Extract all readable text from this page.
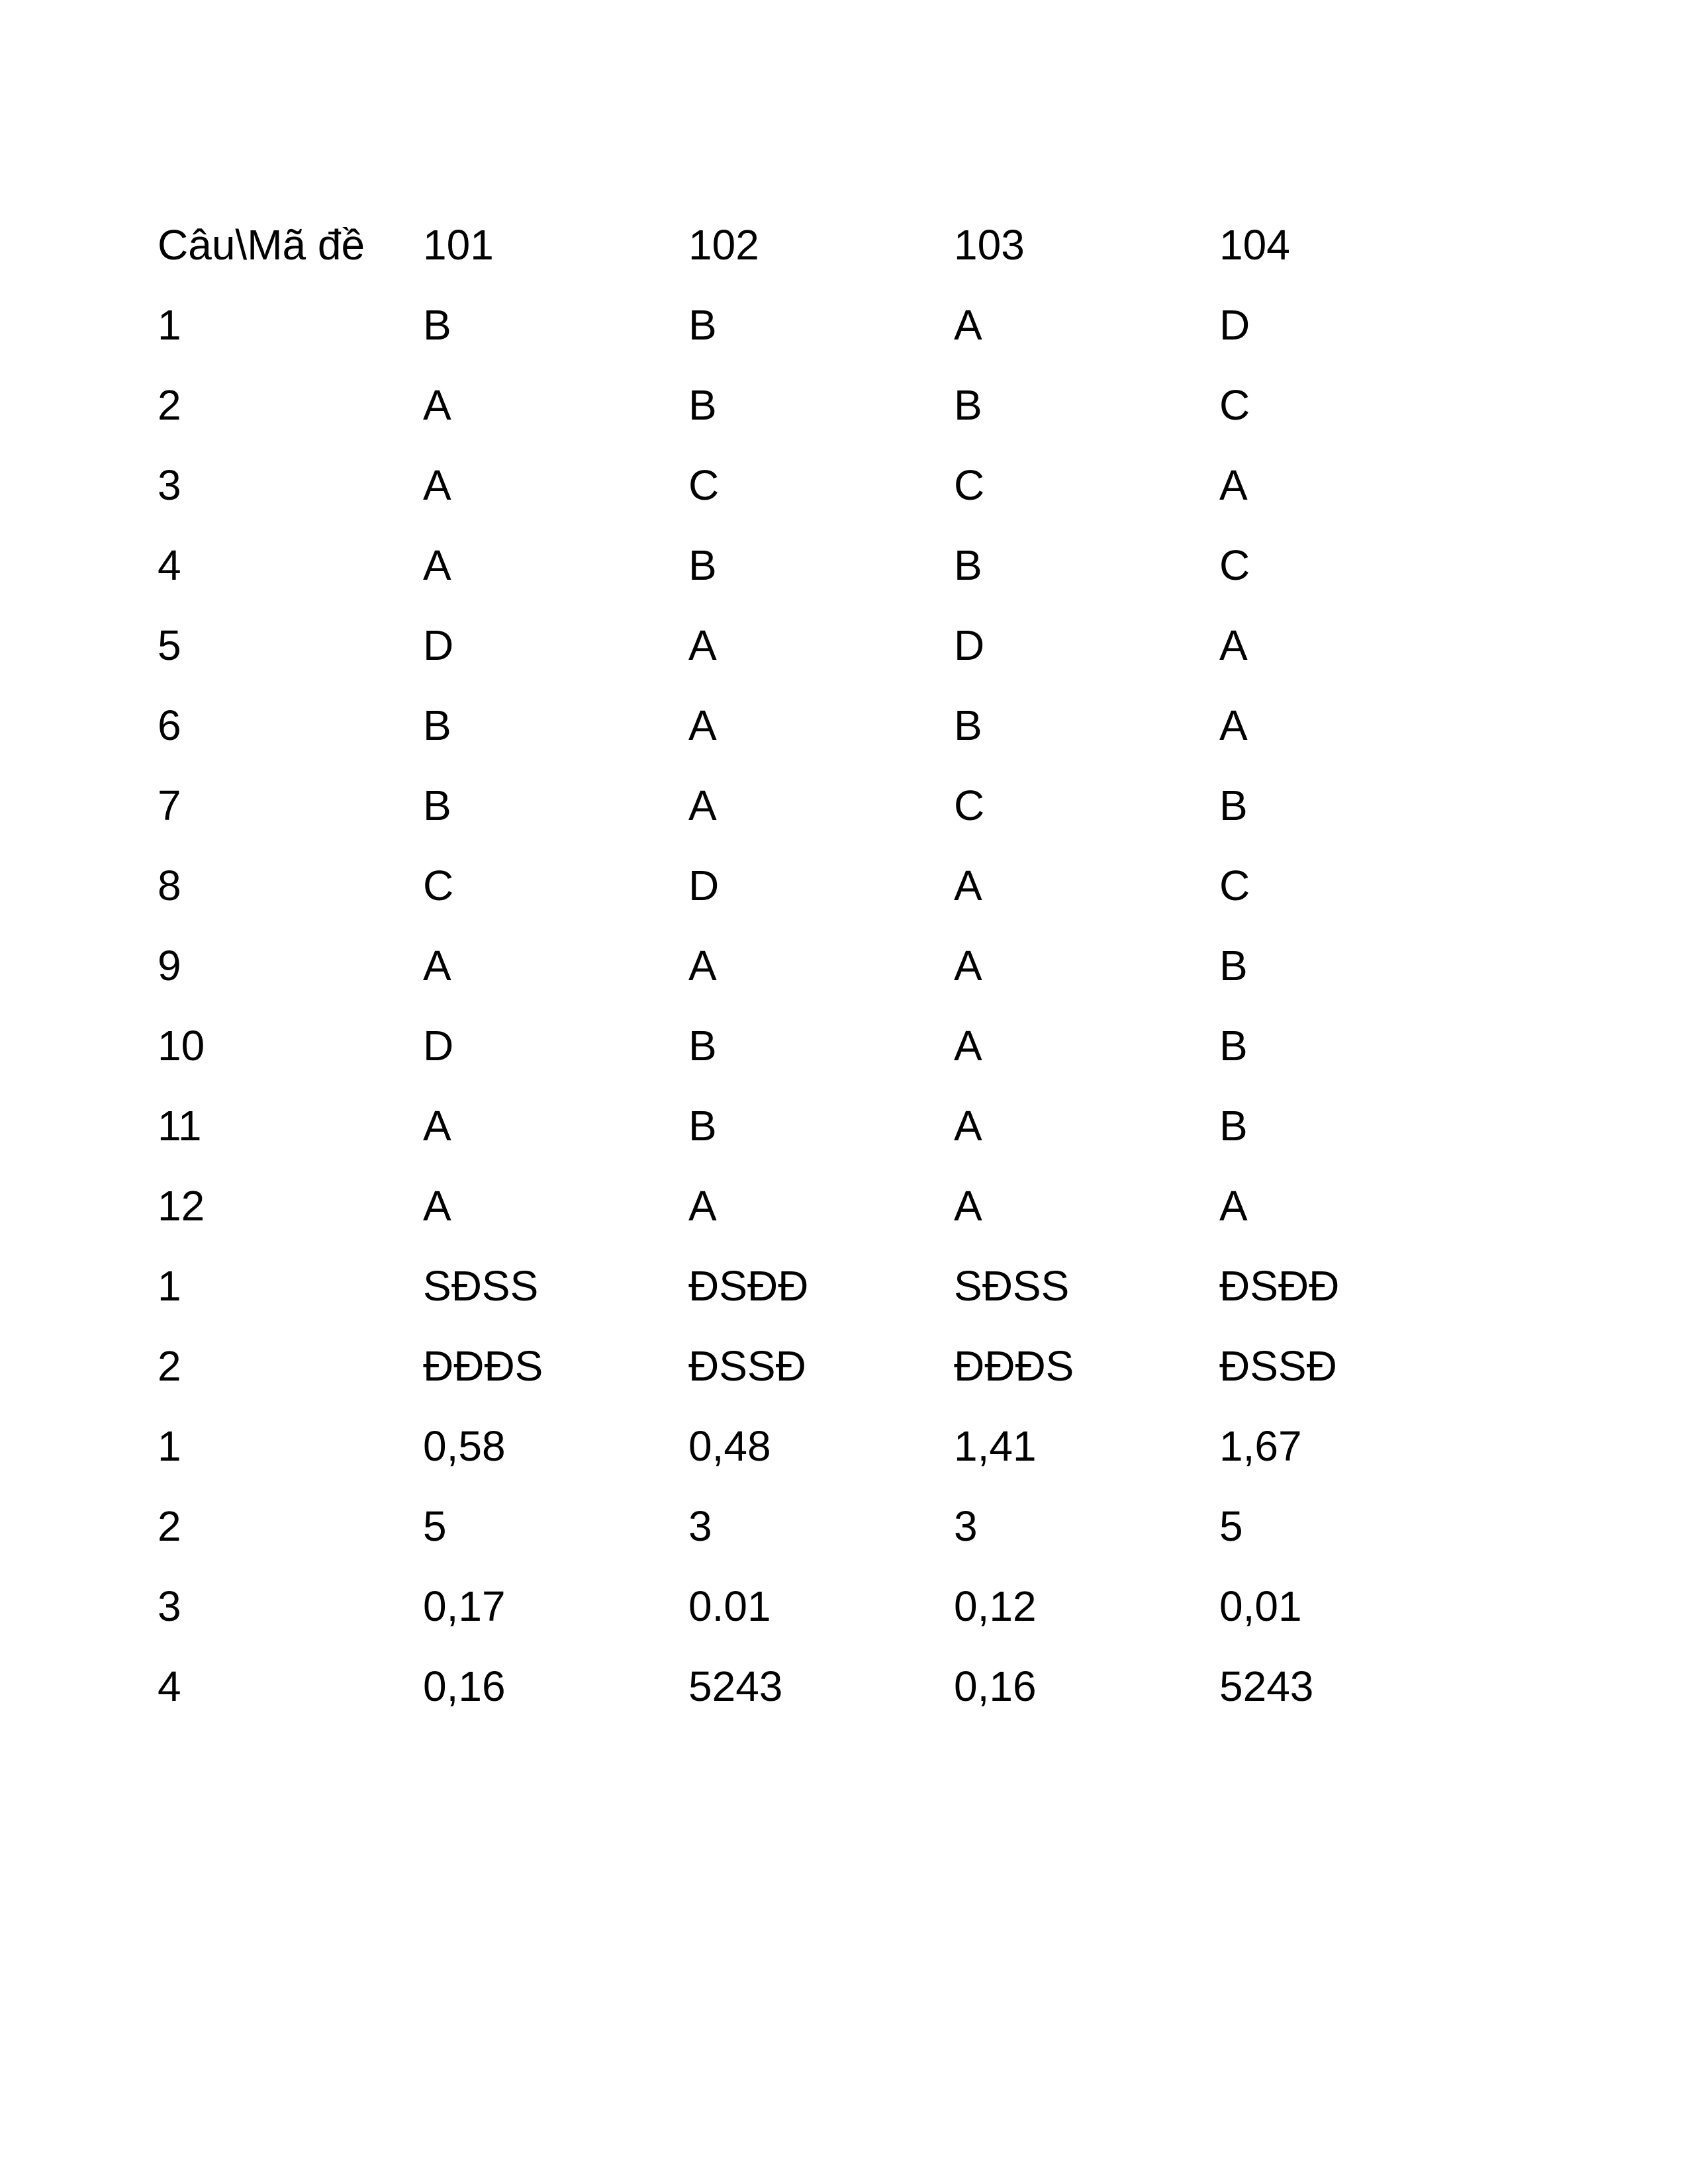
Câu\Mã đề	101	102	103	104
1	B	B	A	D
2	A	B	B	C
3	A	C	C	A
4	A	B	B	C
5	D	A	D	A
6	B	A	B	A
7	B	A	C	B
8	C	D	A	C
9	A	A	A	B
10	D	B	A	B
11	A	B	A	B
12	A	A	A	A
1	SĐSS	ĐSĐĐ	SĐSS	ĐSĐĐ
2	ĐĐĐS	ĐSSĐ	ĐĐĐS	ĐSSĐ
1	0,58	0,48	1,41	1,67
2	5	3	3	5
3	0,17	0.01	0,12	0,01
4	0,16	5243	0,16	5243
